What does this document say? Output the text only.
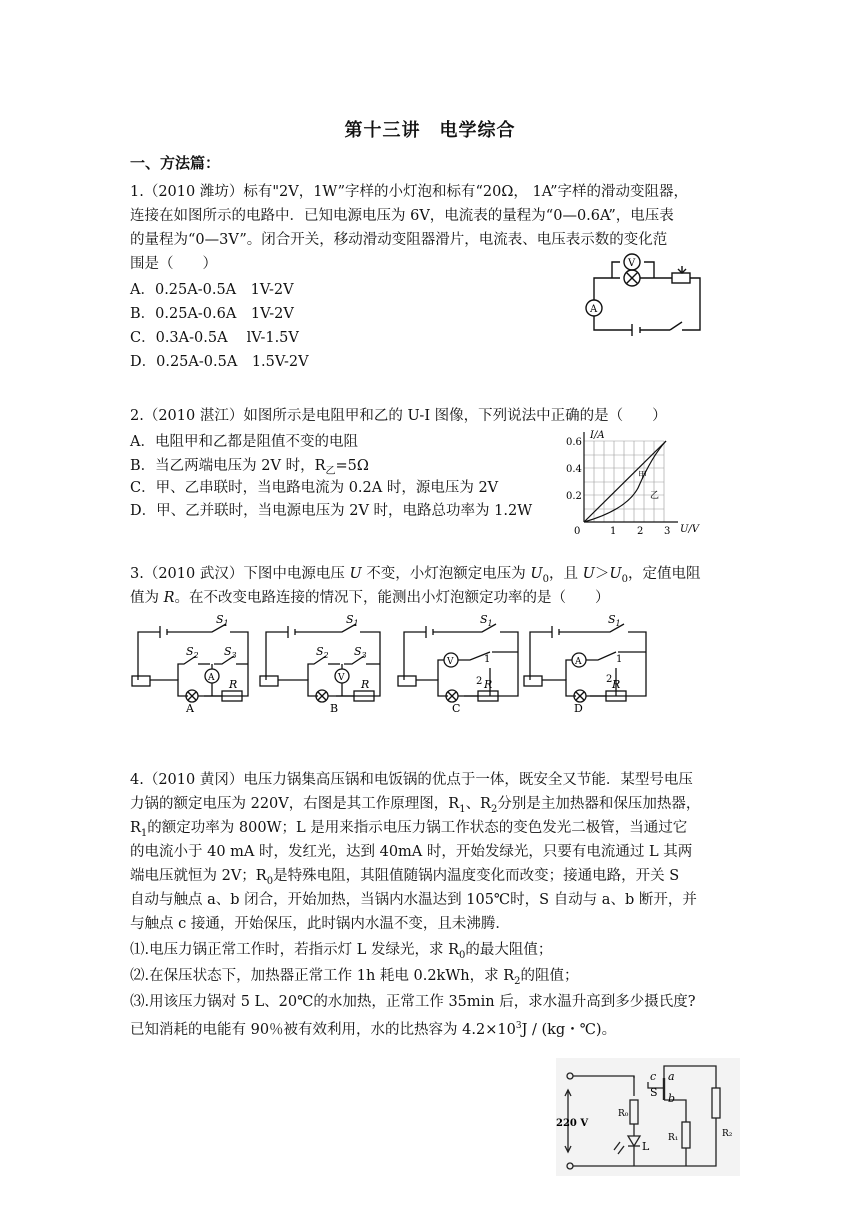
第十三讲　电学综合
一、方法篇：
1.（2010 潍坊）标有"2V，1W”字样的小灯泡和标有“20Ω， 1A”字样的滑动变阻器，
连接在如图所示的电路中．已知电源电压为 6V，电流表的量程为“0—0.6A”，电压表
的量程为“0—3V”。闭合开关，移动滑动变阻器滑片，电流表、电压表示数的变化范
围是（　　）
A．0.25A-0.5A　1V-2V
B．0.25A-0.6A　1V-2V
C．0.3A-0.5A　 lV-1.5V
D．0.25A-0.5A　1.5V-2V
V
A
2.（2010 湛江）如图所示是电阻甲和乙的 U-I 图像，下列说法中正确的是（　　）
A．电阻甲和乙都是阻值不变的电阻
B．当乙两端电压为 2V 时，$R_乙=5\Omega$
C．甲、乙串联时，当电路电流为 0.2A 时，源电压为 2V
D．甲、乙并联时，当电源电压为 2V 时，电路总功率为 1.2W
I/A
U/V
0.6
0.4
0.2
0	1 2 3
甲
乙
3.（2010 武汉）下图中电源电压 U 不变，小灯泡额定电压为 $U_0$，且 $U>U_0$，定值电阻
值为 R。在不改变电路连接的情况下，能测出小灯泡额定功率的是（　　）
$S_1$
$S_2$ $S_3$
A R
A
$S_1$
$S_2$ $S_3$
V R
B
$S_1$
V	1
2 R
C
$S_1$
A	1
2 R
D
4.（2010 黄冈）电压力锅集高压锅和电饭锅的优点于一体，既安全又节能．某型号电压
力锅的额定电压为 220V，右图是其工作原理图，$R_1$、$R_2$分别是主加热器和保压加热器，
$R_1$的额定功率为 800W；L 是用来指示电压力锅工作状态的变色发光二极管，当通过它
的电流小于 40 mA 时，发红光，达到 40mA 时，开始发绿光，只要有电流通过 L 其两
端电压就恒为 2V；$R_0$是特殊电阻，其阻值随锅内温度变化而改变；接通电路，开关 S
自动与触点 a、b 闭合，开始加热，当锅内水温达到 105℃时，S 自动与 a、b 断开，并
与触点 c 接通，开始保压，此时锅内水温不变，且未沸腾．
⑴.电压力锅正常工作时，若指示灯 L 发绿光，求 $R_0$的最大阻值；
⑵.在保压状态下，加热器正常工作 1h 耗电 0.2kWh，求 $R_2$的阻值；
⑶.用该压力锅对 5 L、20℃的水加热，正常工作 35min 后，求水温升高到多少摄氏度?
已知消耗的电能有 90％被有效利用，水的比热容为 $4.2\times 10^3J / (kg$・℃)。
c a
S b
220 V
R₀
R₁	R₂
L
